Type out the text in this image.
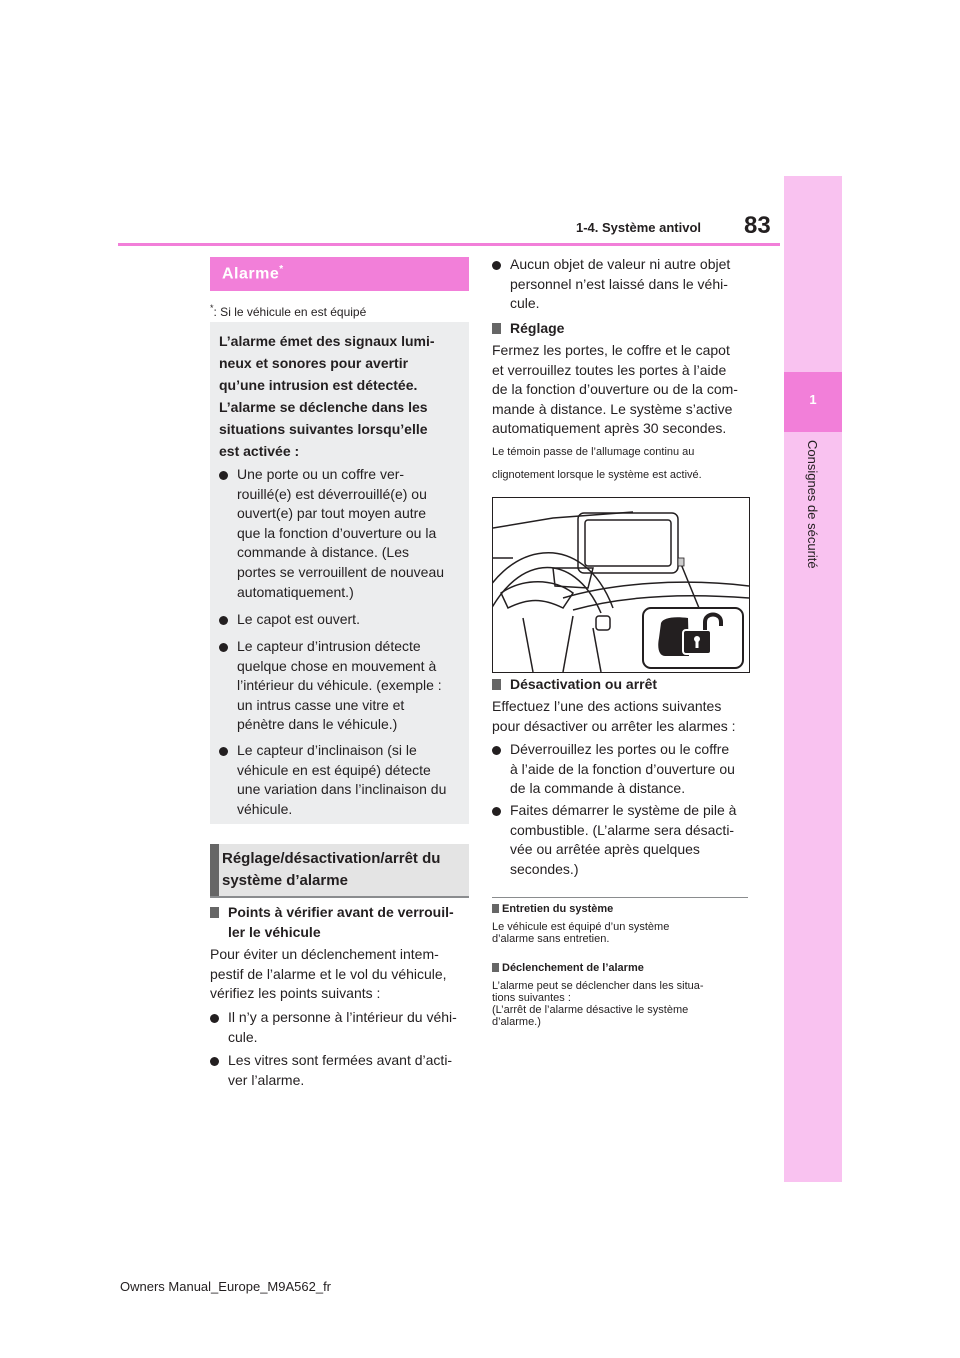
83
1-4. Système antivol
1
Consignes de sécurité
Alarme*
*: Si le véhicule en est équipé
L’alarme émet des signaux lumi-
neux et sonores pour avertir
qu’une intrusion est détectée.
L’alarme se déclenche dans les
situations suivantes lorsqu’elle
est activée :
Une porte ou un coffre ver-
rouillé(e) est déverrouillé(e) ou
ouvert(e) par tout moyen autre
que la fonction d’ouverture ou la
commande à distance. (Les
portes se verrouillent de nouveau
automatiquement.)
Le capot est ouvert.
Le capteur d’intrusion détecte
quelque chose en mouvement à
l’intérieur du véhicule. (exemple :
un intrus casse une vitre et
pénètre dans le véhicule.)
Le capteur d’inclinaison (si le
véhicule en est équipé) détecte
une variation dans l’inclinaison du
véhicule.
Réglage/désactivation/arrêt du
système d’alarme
Points à vérifier avant de verrouil-
ler le véhicule
Pour éviter un déclenchement intem-
pestif de l’alarme et le vol du véhicule,
vérifiez les points suivants :
Il n’y a personne à l’intérieur du véhi-
cule.
Les vitres sont fermées avant d’acti-
ver l’alarme.
Aucun objet de valeur ni autre objet
personnel n’est laissé dans le véhi-
cule.
Réglage
Fermez les portes, le coffre et le capot
et verrouillez toutes les portes à l’aide
de la fonction d’ouverture ou de la com-
mande à distance. Le système s’active
automatiquement après 30 secondes.
Le témoin passe de l’allumage continu au
clignotement lorsque le système est activé.
Désactivation ou arrêt
Effectuez l’une des actions suivantes
pour désactiver ou arrêter les alarmes :
Déverrouillez les portes ou le coffre
à l’aide de la fonction d’ouverture ou
de la commande à distance.
Faites démarrer le système de pile à
combustible. (L’alarme sera désacti-
vée ou arrêtée après quelques
secondes.)
Entretien du système
Le véhicule est équipé d’un système
d’alarme sans entretien.
Déclenchement de l’alarme
L’alarme peut se déclencher dans les situa-
tions suivantes :
(L’arrêt de l’alarme désactive le système
d’alarme.)
Owners Manual_Europe_M9A562_fr
